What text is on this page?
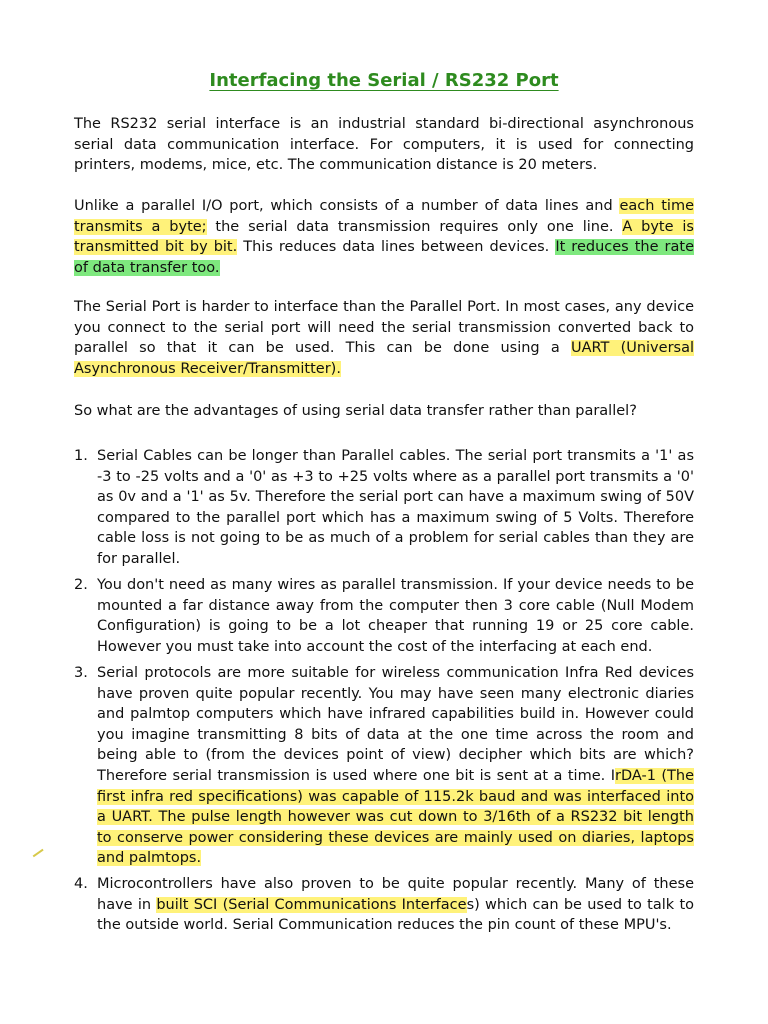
Interfacing the Serial / RS232 Port

The RS232 serial interface is an industrial standard bi-directional asynchronous serial data communication interface. For computers, it is used for connecting printers, modems, mice, etc. The communication distance is 20 meters.

Unlike a parallel I/O port, which consists of a number of data lines and each time transmits a byte; the serial data transmission requires only one line. A byte is transmitted bit by bit. This reduces data lines between devices. It reduces the rate of data transfer too.

The Serial Port is harder to interface than the Parallel Port. In most cases, any device you connect to the serial port will need the serial transmission converted back to parallel so that it can be used. This can be done using a UART (Universal Asynchronous Receiver/Transmitter).

So what are the advantages of using serial data transfer rather than parallel?

1. Serial Cables can be longer than Parallel cables. The serial port transmits a '1' as -3 to -25 volts and a '0' as +3 to +25 volts where as a parallel port transmits a '0' as 0v and a '1' as 5v. Therefore the serial port can have a maximum swing of 50V compared to the parallel port which has a maximum swing of 5 Volts. Therefore cable loss is not going to be as much of a problem for serial cables than they are for parallel.
2. You don't need as many wires as parallel transmission. If your device needs to be mounted a far distance away from the computer then 3 core cable (Null Modem Configuration) is going to be a lot cheaper that running 19 or 25 core cable. However you must take into account the cost of the interfacing at each end.
3. Serial protocols are more suitable for wireless communication Infra Red devices have proven quite popular recently. You may have seen many electronic diaries and palmtop computers which have infrared capabilities build in. However could you imagine transmitting 8 bits of data at the one time across the room and being able to (from the devices point of view) decipher which bits are which? Therefore serial transmission is used where one bit is sent at a time. IrDA-1 (The first infra red specifications) was capable of 115.2k baud and was interfaced into a UART. The pulse length however was cut down to 3/16th of a RS232 bit length to conserve power considering these devices are mainly used on diaries, laptops and palmtops.
4. Microcontrollers have also proven to be quite popular recently. Many of these have in built SCI (Serial Communications Interfaces) which can be used to talk to the outside world. Serial Communication reduces the pin count of these MPU's.
